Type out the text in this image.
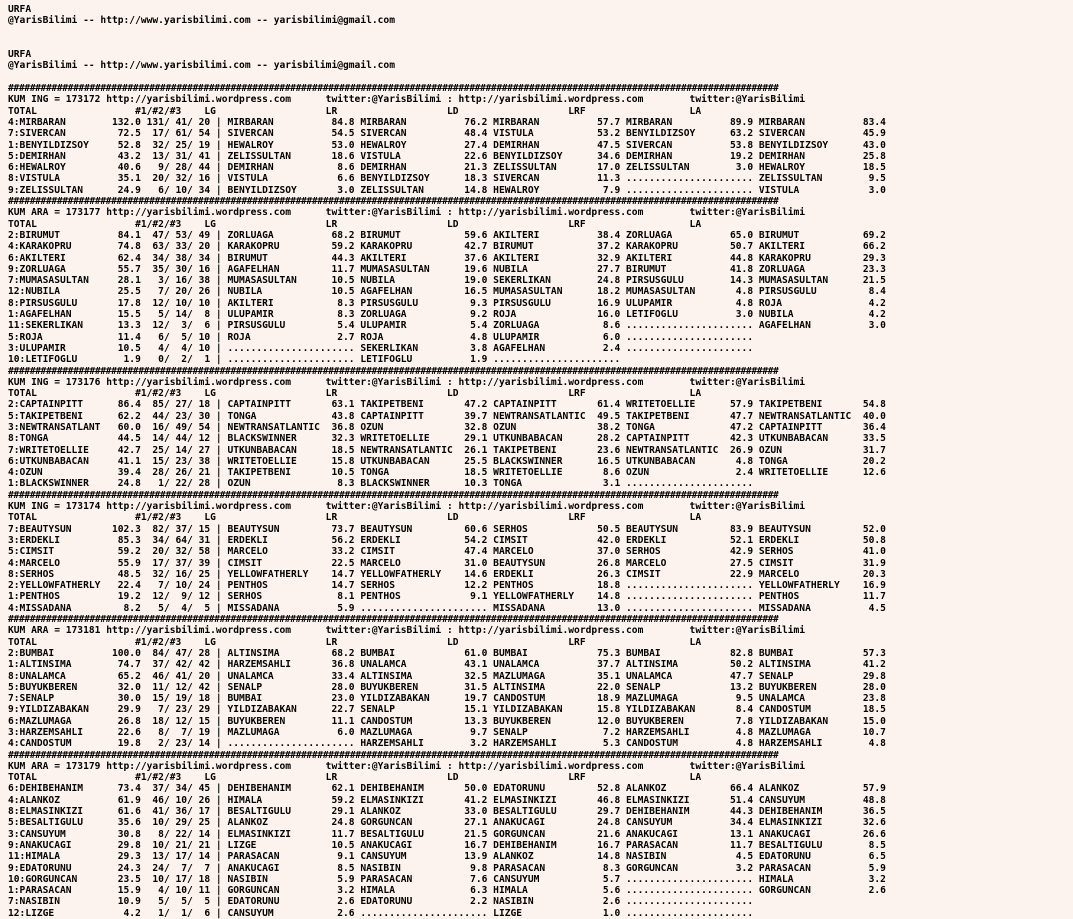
URFA
@YarisBilimi -- http://www.yarisbilimi.com -- yarisbilimi@gmail.com
URFA
@YarisBilimi -- http://www.yarisbilimi.com -- yarisbilimi@gmail.com
##############################################################################################################################################
KUM ING = 173172 http://yarisbilimi.wordpress.com      twitter:@YarisBilimi : http://yarisbilimi.wordpress.com        twitter:@YarisBilimi
TOTAL                 #1/#2/#3    LG                   LR                   LD                   LRF                  LA
4:MIRBARAN        132.0 131/ 41/ 20 | MIRBARAN          84.8 MIRBARAN          76.2 MIRBARAN          57.7 MIRBARAN          89.9 MIRBARAN          83.4
7:SIVERCAN         72.5  17/ 61/ 54 | SIVERCAN          54.5 SIVERCAN          48.4 VISTULA           53.2 BENYILDIZSOY      63.2 SIVERCAN          45.9
1:BENYILDIZSOY     52.8  32/ 25/ 19 | HEWALROY          53.0 HEWALROY          27.4 DEMIRHAN          47.5 SIVERCAN          53.8 BENYILDIZSOY      43.0
5:DEMIRHAN         43.2  13/ 31/ 41 | ZELISSULTAN       18.6 VISTULA           22.6 BENYILDIZSOY      34.6 DEMIRHAN          19.2 DEMIRHAN          25.8
6:HEWALROY         40.6   9/ 28/ 44 | DEMIRHAN           8.6 DEMIRHAN          21.3 ZELISSULTAN       17.0 ZELISSULTAN        3.0 HEWALROY          18.5
8:VISTULA          35.1  20/ 32/ 16 | VISTULA            6.6 BENYILDIZSOY      18.3 SIVERCAN          11.3 ...................... ZELISSULTAN        9.5
9:ZELISSULTAN      24.9   6/ 10/ 34 | BENYILDIZSOY       3.0 ZELISSULTAN       14.8 HEWALROY           7.9 ...................... VISTULA            3.0
##############################################################################################################################################
KUM ARA = 173177 http://yarisbilimi.wordpress.com      twitter:@YarisBilimi : http://yarisbilimi.wordpress.com        twitter:@YarisBilimi
TOTAL                 #1/#2/#3    LG                   LR                   LD                   LRF                  LA
2:BIRUMUT          84.1  47/ 53/ 49 | ZORLUAGA          68.2 BIRUMUT           59.6 AKILTERI          38.4 ZORLUAGA          65.0 BIRUMUT           69.2
4:KARAKOPRU        74.8  63/ 33/ 20 | KARAKOPRU         59.2 KARAKOPRU         42.7 BIRUMUT           37.2 KARAKOPRU         50.7 AKILTERI          66.2
6:AKILTERI         62.4  34/ 38/ 34 | BIRUMUT           44.3 AKILTERI          37.6 AKILTERI          32.9 AKILTERI          44.8 KARAKOPRU         29.3
9:ZORLUAGA         55.7  35/ 30/ 16 | AGAFELHAN         11.7 MUMASASULTAN      19.6 NUBILA            27.7 BIRUMUT           41.8 ZORLUAGA          23.3
7:MUMASASULTAN     28.1   3/ 16/ 38 | MUMASASULTAN      10.5 NUBILA            19.0 SEKERLIKAN        24.8 PIRSUSGULU        14.3 MUMASASULTAN      21.5
12:NUBILA          25.5   7/ 20/ 26 | NUBILA            10.5 AGAFELHAN         16.5 MUMASASULTAN      18.2 MUMASASULTAN       4.8 PIRSUSGULU         8.4
8:PIRSUSGULU       17.8  12/ 10/ 10 | AKILTERI           8.3 PIRSUSGULU         9.3 PIRSUSGULU        16.9 ULUPAMIR           4.8 ROJA               4.2
1:AGAFELHAN        15.5   5/ 14/  8 | ULUPAMIR           8.3 ZORLUAGA           9.2 ROJA              16.0 LETIFOGLU          3.0 NUBILA             4.2
11:SEKERLIKAN      13.3  12/  3/  6 | PIRSUSGULU         5.4 ULUPAMIR           5.4 ZORLUAGA           8.6 ...................... AGAFELHAN          3.0
5:ROJA             11.4   6/  5/ 10 | ROJA               2.7 ROJA               4.8 ULUPAMIR           6.0 ......................
3:ULUPAMIR         10.5   4/  4/ 10 | ...................... SEKERLIKAN         3.8 AGAFELHAN          2.4 ......................
10:LETIFOGLU        1.9   0/  2/  1 | ...................... LETIFOGLU          1.9 ......................
##############################################################################################################################################
KUM ING = 173176 http://yarisbilimi.wordpress.com      twitter:@YarisBilimi : http://yarisbilimi.wordpress.com        twitter:@YarisBilimi
TOTAL                 #1/#2/#3    LG                   LR                   LD                   LRF                  LA
2:CAPTAINPITT      86.4  85/ 27/ 18 | CAPTAINPITT       63.1 TAKIPETBENI       47.2 CAPTAINPITT       61.4 WRITETOELLIE      57.9 TAKIPETBENI       54.8
5:TAKIPETBENI      62.2  44/ 23/ 30 | TONGA             43.8 CAPTAINPITT       39.7 NEWTRANSATLANTIC  49.5 TAKIPETBENI       47.7 NEWTRANSATLANTIC  40.0
3:NEWTRANSATLANT   60.0  16/ 49/ 54 | NEWTRANSATLANTIC  36.8 OZUN              32.8 OZUN              38.2 TONGA             47.2 CAPTAINPITT       36.4
8:TONGA            44.5  14/ 44/ 12 | BLACKSWINNER      32.3 WRITETOELLIE      29.1 UTKUNBABACAN      28.2 CAPTAINPITT       42.3 UTKUNBABACAN      33.5
7:WRITETOELLIE     42.7  25/ 14/ 27 | UTKUNBABACAN      18.5 NEWTRANSATLANTIC  26.1 TAKIPETBENI       23.6 NEWTRANSATLANTIC  26.9 OZUN              31.7
6:UTKUNBABACAN     41.1  15/ 23/ 38 | WRITETOELLIE      15.8 UTKUNBABACAN      25.5 BLACKSWINNER      16.5 UTKUNBABACAN       4.8 TONGA             20.2
4:OZUN             39.4  28/ 26/ 21 | TAKIPETBENI       10.5 TONGA             18.5 WRITETOELLIE       8.6 OZUN               2.4 WRITETOELLIE      12.6
1:BLACKSWINNER     24.8   1/ 22/ 28 | OZUN               8.3 BLACKSWINNER      10.3 TONGA              3.1 ......................
##############################################################################################################################################
KUM ING = 173174 http://yarisbilimi.wordpress.com      twitter:@YarisBilimi : http://yarisbilimi.wordpress.com        twitter:@YarisBilimi
TOTAL                 #1/#2/#3    LG                   LR                   LD                   LRF                  LA
7:BEAUTYSUN       102.3  82/ 37/ 15 | BEAUTYSUN         73.7 BEAUTYSUN         60.6 SERHOS            50.5 BEAUTYSUN         83.9 BEAUTYSUN         52.0
3:ERDEKLI          85.3  34/ 64/ 31 | ERDEKLI           56.2 ERDEKLI           54.2 CIMSIT            42.0 ERDEKLI           52.1 ERDEKLI           50.8
5:CIMSIT           59.2  20/ 32/ 58 | MARCELO           33.2 CIMSIT            47.4 MARCELO           37.0 SERHOS            42.9 SERHOS            41.0
4:MARCELO          55.9  17/ 37/ 39 | CIMSIT            22.5 MARCELO           31.0 BEAUTYSUN         26.8 MARCELO           27.5 CIMSIT            31.9
8:SERHOS           48.5  32/ 16/ 25 | YELLOWFATHERLY    14.7 YELLOWFATHERLY    14.6 ERDEKLI           26.3 CIMSIT            22.9 MARCELO           20.3
2:YELLOWFATHERLY   22.4   7/ 10/ 24 | PENTHOS           14.7 SERHOS            12.2 PENTHOS           18.8 ...................... YELLOWFATHERLY    16.9
1:PENTHOS          19.2  12/  9/ 12 | SERHOS             8.1 PENTHOS            9.1 YELLOWFATHERLY    14.8 ...................... PENTHOS           11.7
4:MISSADANA         8.2   5/  4/  5 | MISSADANA          5.9 ...................... MISSADANA         13.0 ...................... MISSADANA          4.5
##############################################################################################################################################
KUM ARA = 173181 http://yarisbilimi.wordpress.com      twitter:@YarisBilimi : http://yarisbilimi.wordpress.com        twitter:@YarisBilimi
TOTAL                 #1/#2/#3    LG                   LR                   LD                   LRF                  LA
2:BUMBAI          100.0  84/ 47/ 28 | ALTINSIMA         68.2 BUMBAI            61.0 BUMBAI            75.3 BUMBAI            82.8 BUMBAI            57.3
1:ALTINSIMA        74.7  37/ 42/ 42 | HARZEMSAHLI       36.8 UNALAMCA          43.1 UNALAMCA          37.7 ALTINSIMA         50.2 ALTINSIMA         41.2
8:UNALAMCA         65.2  46/ 41/ 20 | UNALAMCA          33.4 ALTINSIMA         32.5 MAZLUMAGA         35.1 UNALAMCA          47.7 SENALP            29.8
5:BUYUKBEREN       32.0  11/ 12/ 42 | SENALP            28.0 BUYUKBEREN        31.5 ALTINSIMA         22.0 SENALP            13.2 BUYUKBEREN        28.0
7:SENALP           30.0  15/ 19/ 18 | BUMBAI            23.0 YILDIZABAKAN      19.7 CANDOSTUM         18.9 MAZLUMAGA          9.5 UNALAMCA          23.8
9:YILDIZABAKAN     29.9   7/ 23/ 29 | YILDIZABAKAN      22.7 SENALP            15.1 YILDIZABAKAN      15.8 YILDIZABAKAN       8.4 CANDOSTUM         18.5
6:MAZLUMAGA        26.8  18/ 12/ 15 | BUYUKBEREN        11.1 CANDOSTUM         13.3 BUYUKBEREN        12.0 BUYUKBEREN         7.8 YILDIZABAKAN      15.0
3:HARZEMSAHLI      22.6   8/  7/ 19 | MAZLUMAGA          6.0 MAZLUMAGA          9.7 SENALP             7.2 HARZEMSAHLI        4.8 MAZLUMAGA         10.7
4:CANDOSTUM        19.8   2/ 23/ 14 | ...................... HARZEMSAHLI        3.2 HARZEMSAHLI        5.3 CANDOSTUM          4.8 HARZEMSAHLI        4.8
##############################################################################################################################################
KUM ARA = 173179 http://yarisbilimi.wordpress.com      twitter:@YarisBilimi : http://yarisbilimi.wordpress.com        twitter:@YarisBilimi
TOTAL                 #1/#2/#3    LG                   LR                   LD                   LRF                  LA
6:DEHIBEHANIM      73.4  37/ 34/ 45 | DEHIBEHANIM       62.1 DEHIBEHANIM       50.0 EDATORUNU         52.8 ALANKOZ           66.4 ALANKOZ           57.9
4:ALANKOZ          61.9  46/ 10/ 26 | HIMALA            59.2 ELMASINKIZI       41.2 ELMASINKIZI       46.8 ELMASINKIZI       51.4 CANSUYUM          48.8
8:ELMASINKIZI      61.6  41/ 36/ 17 | BESALTIGULU       29.1 ALANKOZ           33.0 BESALTIGULU       29.7 DEHIBEHANIM       44.3 DEHIBEHANIM       36.5
5:BESALTIGULU      35.6  10/ 29/ 25 | ALANKOZ           24.8 GORGUNCAN         27.1 ANAKUCAGI         24.8 CANSUYUM          34.4 ELMASINKIZI       32.6
3:CANSUYUM         30.8   8/ 22/ 14 | ELMASINKIZI       11.7 BESALTIGULU       21.5 GORGUNCAN         21.6 ANAKUCAGI         13.1 ANAKUCAGI         26.6
9:ANAKUCAGI        29.8  10/ 21/ 21 | LIZGE             10.5 ANAKUCAGI         16.7 DEHIBEHANIM       16.7 PARASACAN         11.7 BESALTIGULU        8.5
11:HIMALA          29.3  13/ 17/ 14 | PARASACAN          9.1 CANSUYUM          13.9 ALANKOZ           14.8 NASIBIN            4.5 EDATORUNU          6.5
9:EDATORUNU        24.3  24/  7/  7 | ANAKUCAGI          8.5 NASIBIN            9.8 PARASACAN          8.3 GORGUNCAN          3.2 PARASACAN          5.9
10:GORGUNCAN       23.5  10/ 17/ 18 | NASIBIN            5.9 PARASACAN          7.6 CANSUYUM           5.7 ...................... HIMALA             3.2
1:PARASACAN        15.9   4/ 10/ 11 | GORGUNCAN          3.2 HIMALA             6.3 HIMALA             5.6 ...................... GORGUNCAN          2.6
7:NASIBIN          10.9   5/  5/  5 | EDATORUNU          2.6 EDATORUNU          2.2 NASIBIN            2.6 ......................
12:LIZGE            4.2   1/  1/  6 | CANSUYUM           2.6 ...................... LIZGE              1.0 ......................
